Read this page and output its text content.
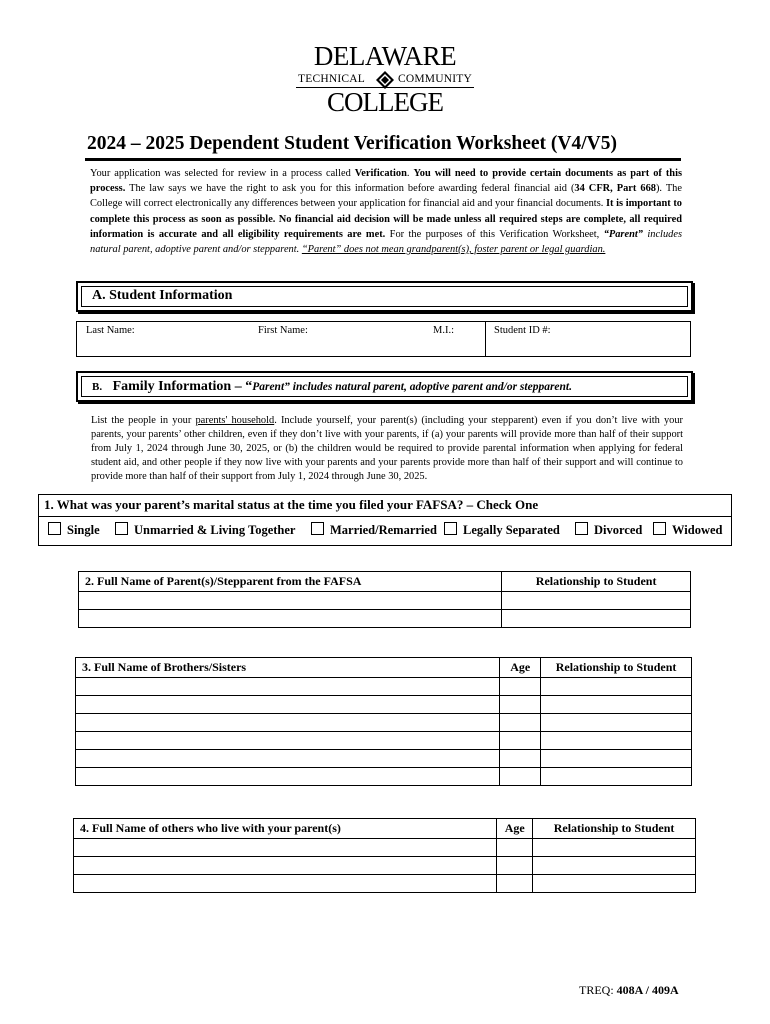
DELAWARE
TECHNICAL	COMMUNITY
COLLEGE
2024 – 2025 Dependent Student Verification Worksheet (V4/V5)
Your application was selected for review in a process called Verification. You will need to provide certain documents as part of this process. The law says we have the right to ask you for this information before awarding federal financial aid (34 CFR, Part 668). The College will correct electronically any differences between your application for financial aid and your financial documents. It is important to complete this process as soon as possible. No financial aid decision will be made unless all required steps are complete, all required information is accurate and all eligibility requirements are met. For the purposes of this Verification Worksheet, “Parent” includes natural parent, adoptive parent and/or stepparent. “Parent” does not mean grandparent(s), foster parent or legal guardian.
A. Student Information
Last Name:	First Name:	M.I.:	Student ID #:
B. Family Information – “Parent” includes natural parent, adoptive parent and/or stepparent.
List the people in your parents' household. Include yourself, your parent(s) (including your stepparent) even if you don’t live with your parents, your parents’ other children, even if they don’t live with your parents, if (a) your parents will provide more than half of their support from July 1, 2024 through June 30, 2025, or (b) the children would be required to provide parental information when applying for federal student aid, and other people if they now live with your parents and your parents provide more than half of their support and will continue to provide more than half of their support from July 1, 2024 through June 30, 2025.
1. What was your parent’s marital status at the time you filed your FAFSA? – Check One
Single	Unmarried & Living Together	Married/Remarried	Legally Separated	Divorced	Widowed
2. Full Name of Parent(s)/Stepparent from the FAFSA	Relationship to Student

3. Full Name of Brothers/Sisters	Age	Relationship to Student

4. Full Name of others who live with your parent(s)	Age	Relationship to Student

TREQ: 408A / 409A
